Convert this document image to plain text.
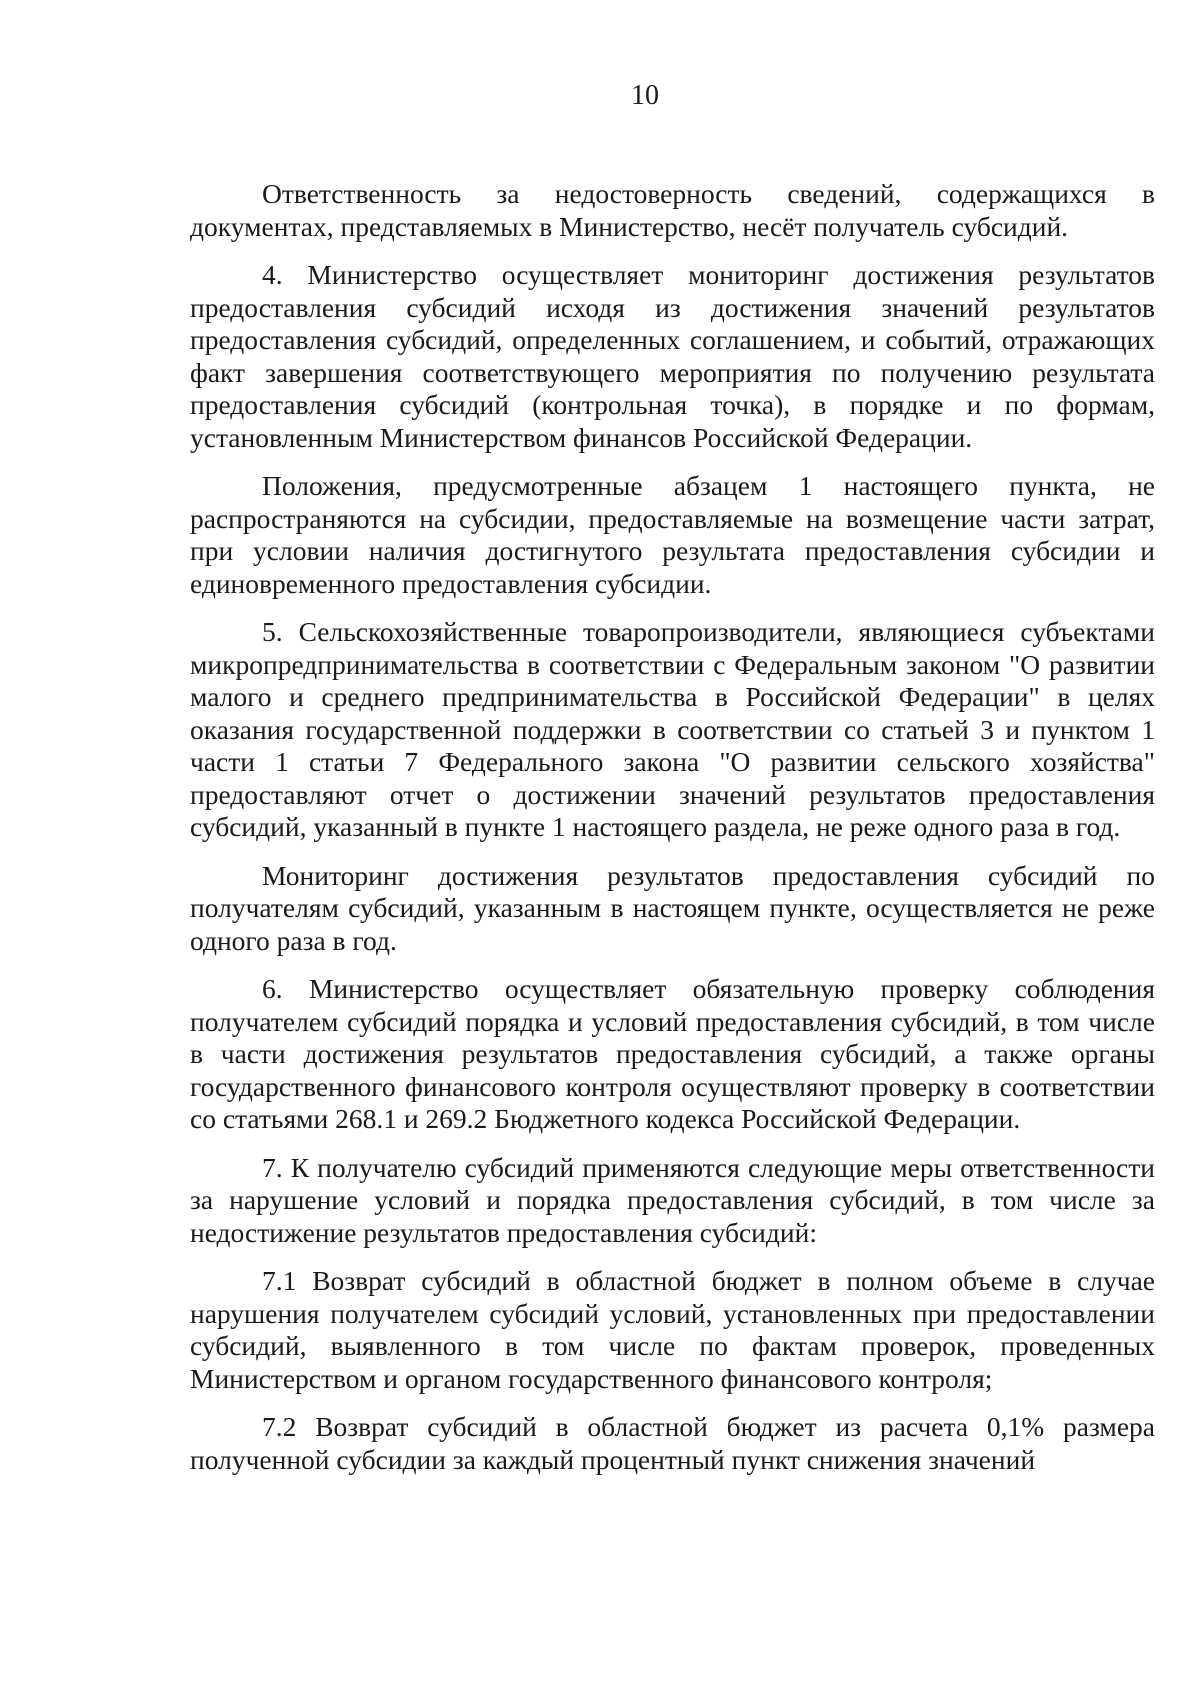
10

Ответственность за недостоверность сведений, содержащихся в документах, представляемых в Министерство, несёт получатель субсидий.

4. Министерство осуществляет мониторинг достижения результатов предоставления субсидий исходя из достижения значений результатов предоставления субсидий, определенных соглашением, и событий, отражающих факт завершения соответствующего мероприятия по получению результата предоставления субсидий (контрольная точка), в порядке и по формам, установленным Министерством финансов Российской Федерации.

Положения, предусмотренные абзацем 1 настоящего пункта, не распространяются на субсидии, предоставляемые на возмещение части затрат, при условии наличия достигнутого результата предоставления субсидии и единовременного предоставления субсидии.

5. Сельскохозяйственные товаропроизводители, являющиеся субъектами микропредпринимательства в соответствии с Федеральным законом "О развитии малого и среднего предпринимательства в Российской Федерации" в целях оказания государственной поддержки в соответствии со статьей 3 и пунктом 1 части 1 статьи 7 Федерального закона "О развитии сельского хозяйства" предоставляют отчет о достижении значений результатов предоставления субсидий, указанный в пункте 1 настоящего раздела, не реже одного раза в год.

Мониторинг достижения результатов предоставления субсидий по получателям субсидий, указанным в настоящем пункте, осуществляется не реже одного раза в год.

6. Министерство осуществляет обязательную проверку соблюдения получателем субсидий порядка и условий предоставления субсидий, в том числе в части достижения результатов предоставления субсидий, а также органы государственного финансового контроля осуществляют проверку в соответствии со статьями 268.1 и 269.2 Бюджетного кодекса Российской Федерации.

7. К получателю субсидий применяются следующие меры ответственности за нарушение условий и порядка предоставления субсидий, в том числе за недостижение результатов предоставления субсидий:

7.1 Возврат субсидий в областной бюджет в полном объеме в случае нарушения получателем субсидий условий, установленных при предоставлении субсидий, выявленного в том числе по фактам проверок, проведенных Министерством и органом государственного финансового контроля;

7.2 Возврат субсидий в областной бюджет из расчета 0,1% размера полученной субсидии за каждый процентный пункт снижения значений
